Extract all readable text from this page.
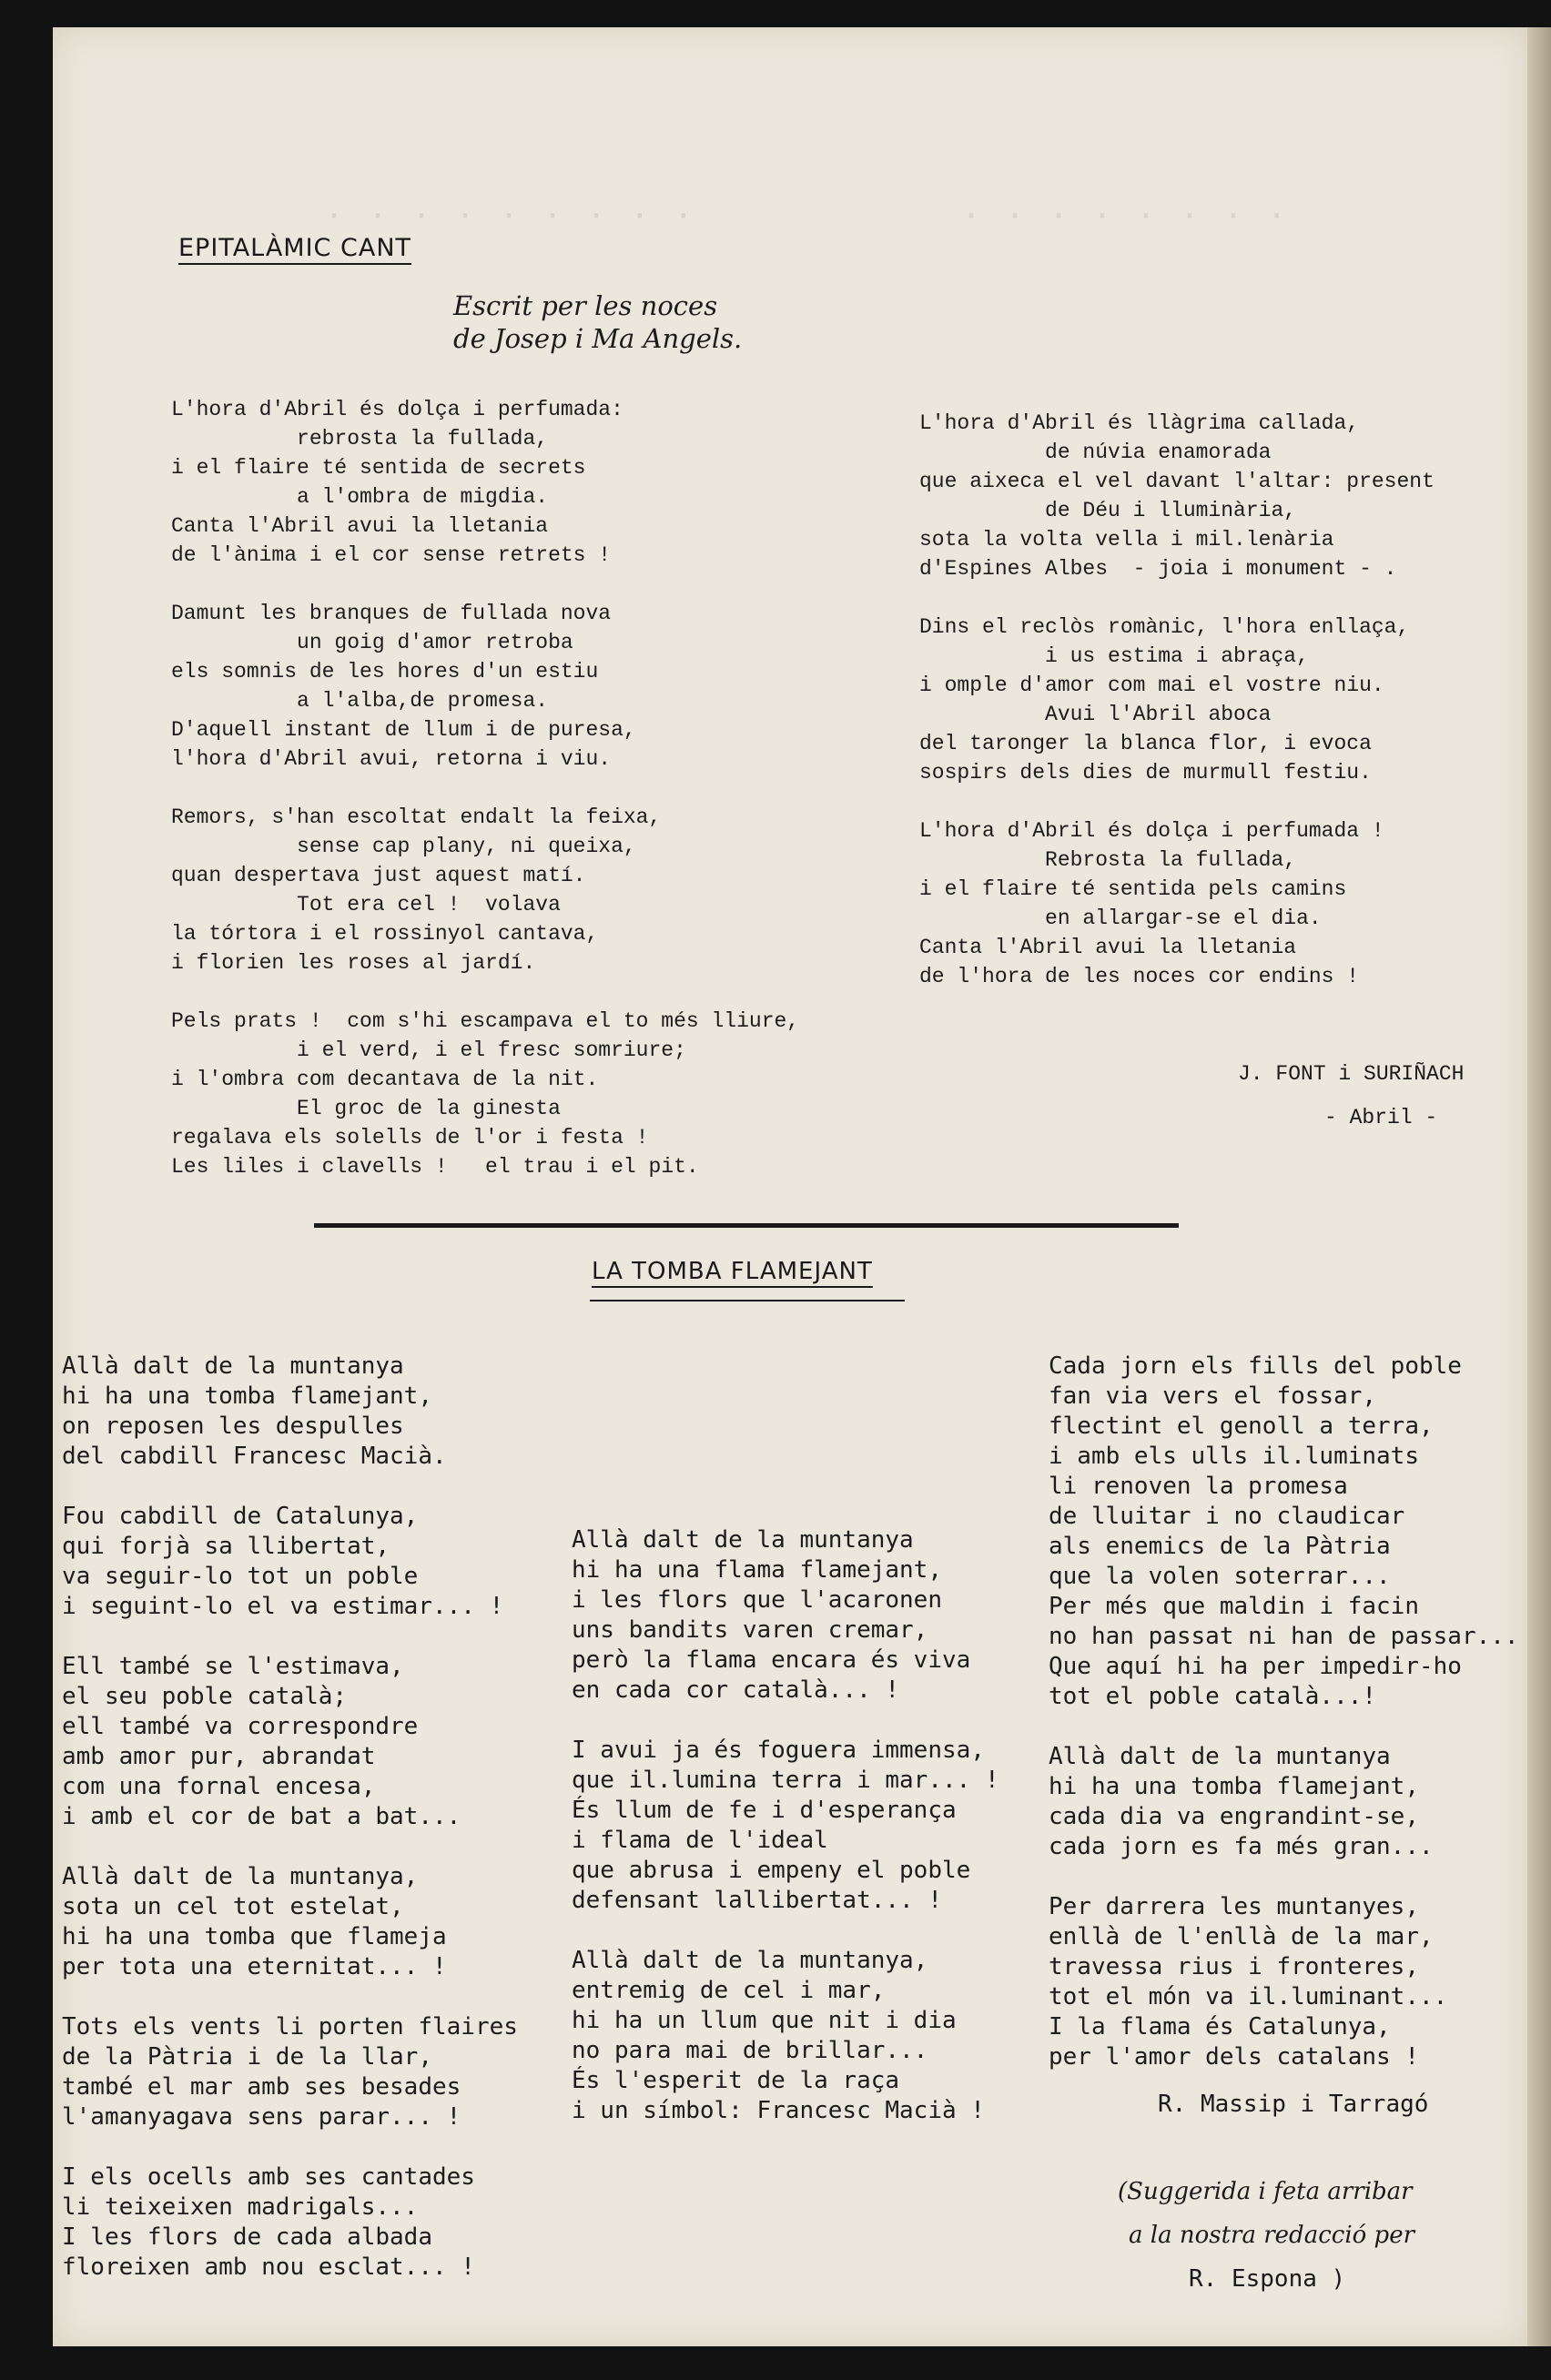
· · · · · · · · ·	· · · · · · · ·
EPITALÀMIC CANT
Escrit per les noces
de Josep i Ma Angels.
L'hora d'Abril és dolça i perfumada:
rebrosta la fullada,
i el flaire té sentida de secrets
a l'ombra de migdia.
Canta l'Abril avui la lletania
de l'ànima i el cor sense retrets !

Damunt les branques de fullada nova
un goig d'amor retroba
els somnis de les hores d'un estiu
a l'alba,de promesa.
D'aquell instant de llum i de puresa,
l'hora d'Abril avui, retorna i viu.

Remors, s'han escoltat endalt la feixa,
sense cap plany, ni queixa,
quan despertava just aquest matí.
Tot era cel !  volava
la tórtora i el rossinyol cantava,
i florien les roses al jardí.

Pels prats !  com s'hi escampava el to més lliure,
i el verd, i el fresc somriure;
i l'ombra com decantava de la nit.
El groc de la ginesta
regalava els solells de l'or i festa !
Les liles i clavells !   el trau i el pit.
L'hora d'Abril és llàgrima callada,
de núvia enamorada
que aixeca el vel davant l'altar: present
de Déu i lluminària,
sota la volta vella i mil.lenària
d'Espines Albes  - joia i monument - .

Dins el reclòs romànic, l'hora enllaça,
i us estima i abraça,
i omple d'amor com mai el vostre niu.
Avui l'Abril aboca
del taronger la blanca flor, i evoca
sospirs dels dies de murmull festiu.

L'hora d'Abril és dolça i perfumada !
Rebrosta la fullada,
i el flaire té sentida pels camins
en allargar-se el dia.
Canta l'Abril avui la lletania
de l'hora de les noces cor endins !
J. FONT i SURIÑACH
- Abril -
LA TOMBA FLAMEJANT
Allà dalt de la muntanya
hi ha una tomba flamejant,
on reposen les despulles
del cabdill Francesc Macià.

Fou cabdill de Catalunya,
qui forjà sa llibertat,
va seguir-lo tot un poble
i seguint-lo el va estimar... !

Ell també se l'estimava,
el seu poble català;
ell també va correspondre
amb amor pur, abrandat
com una fornal encesa,
i amb el cor de bat a bat...

Allà dalt de la muntanya,
sota un cel tot estelat,
hi ha una tomba que flameja
per tota una eternitat... !

Tots els vents li porten flaires
de la Pàtria i de la llar,
també el mar amb ses besades
l'amanyagava sens parar... !

I els ocells amb ses cantades
li teixeixen madrigals...
I les flors de cada albada
floreixen amb nou esclat... !
Allà dalt de la muntanya
hi ha una flama flamejant,
i les flors que l'acaronen
uns bandits varen cremar,
però la flama encara és viva
en cada cor català... !

I avui ja és foguera immensa,
que il.lumina terra i mar... !
És llum de fe i d'esperança
i flama de l'ideal
que abrusa i empeny el poble
defensant lallibertat... !

Allà dalt de la muntanya,
entremig de cel i mar,
hi ha un llum que nit i dia
no para mai de brillar...
És l'esperit de la raça
i un símbol: Francesc Macià !
Cada jorn els fills del poble
fan via vers el fossar,
flectint el genoll a terra,
i amb els ulls il.luminats
li renoven la promesa
de lluitar i no claudicar
als enemics de la Pàtria
que la volen soterrar...
Per més que maldin i facin
no han passat ni han de passar...
Que aquí hi ha per impedir-ho
tot el poble català...!

Allà dalt de la muntanya
hi ha una tomba flamejant,
cada dia va engrandint-se,
cada jorn es fa més gran...

Per darrera les muntanyes,
enllà de l'enllà de la mar,
travessa rius i fronteres,
tot el món va il.luminant...
I la flama és Catalunya,
per l'amor dels catalans !
R. Massip i Tarragó
(Suggerida i feta arribar
a la nostra redacció per
R. Espona )
